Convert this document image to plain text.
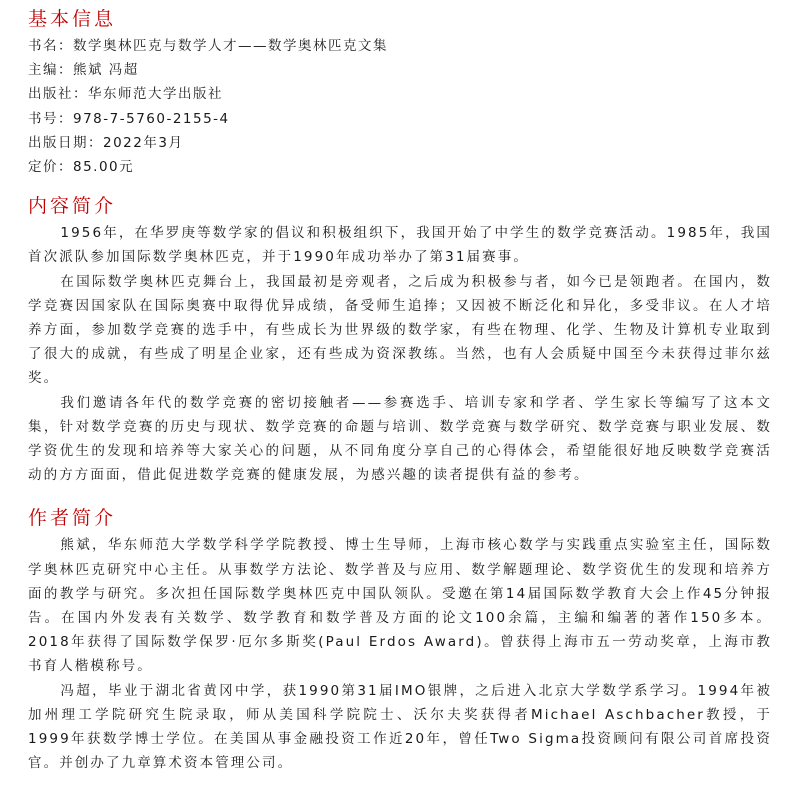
基本信息

书名：数学奥林匹克与数学人才——数学奥林匹克文集

主编：熊斌 冯超

出版社：华东师范大学出版社

书号：978-7-5760-2155-4

出版日期：2022年3月

定价：85.00元

内容简介

1956年，在华罗庚等数学家的倡议和积极组织下，我国开始了中学生的数学竞赛活动。1985年，我国首次派队参加国际数学奥林匹克，并于1990年成功举办了第31届赛事。

在国际数学奥林匹克舞台上，我国最初是旁观者，之后成为积极参与者，如今已是领跑者。在国内，数学竞赛因国家队在国际奥赛中取得优异成绩，备受师生追捧；又因被不断泛化和异化，多受非议。在人才培养方面，参加数学竞赛的选手中，有些成长为世界级的数学家，有些在物理、化学、生物及计算机专业取到了很大的成就，有些成了明星企业家，还有些成为资深教练。当然，也有人会质疑中国至今未获得过菲尔兹奖。

我们邀请各年代的数学竞赛的密切接触者——参赛选手、培训专家和学者、学生家长等编写了这本文集，针对数学竞赛的历史与现状、数学竞赛的命题与培训、数学竞赛与数学研究、数学竞赛与职业发展、数学资优生的发现和培养等大家关心的问题，从不同角度分享自己的心得体会，希望能很好地反映数学竞赛活动的方方面面，借此促进数学竞赛的健康发展，为感兴趣的读者提供有益的参考。

作者简介

熊斌，华东师范大学数学科学学院教授、博士生导师，上海市核心数学与实践重点实验室主任，国际数学奥林匹克研究中心主任。从事数学方法论、数学普及与应用、数学解题理论、数学资优生的发现和培养方面的教学与研究。多次担任国际数学奥林匹克中国队领队。受邀在第14届国际数学教育大会上作45分钟报告。在国内外发表有关数学、数学教育和数学普及方面的论文100余篇，主编和编著的著作150多本。2018年获得了国际数学保罗·厄尔多斯奖(Paul Erdos Award)。曾获得上海市五一劳动奖章，上海市教书育人楷模称号。

冯超，毕业于湖北省黄冈中学，获1990第31届IMO银牌，之后进入北京大学数学系学习。1994年被加州理工学院研究生院录取，师从美国科学院院士、沃尔夫奖获得者Michael Aschbacher教授，于1999年获数学博士学位。在美国从事金融投资工作近20年，曾任Two Sigma投资顾问有限公司首席投资官。并创办了九章算术资本管理公司。
